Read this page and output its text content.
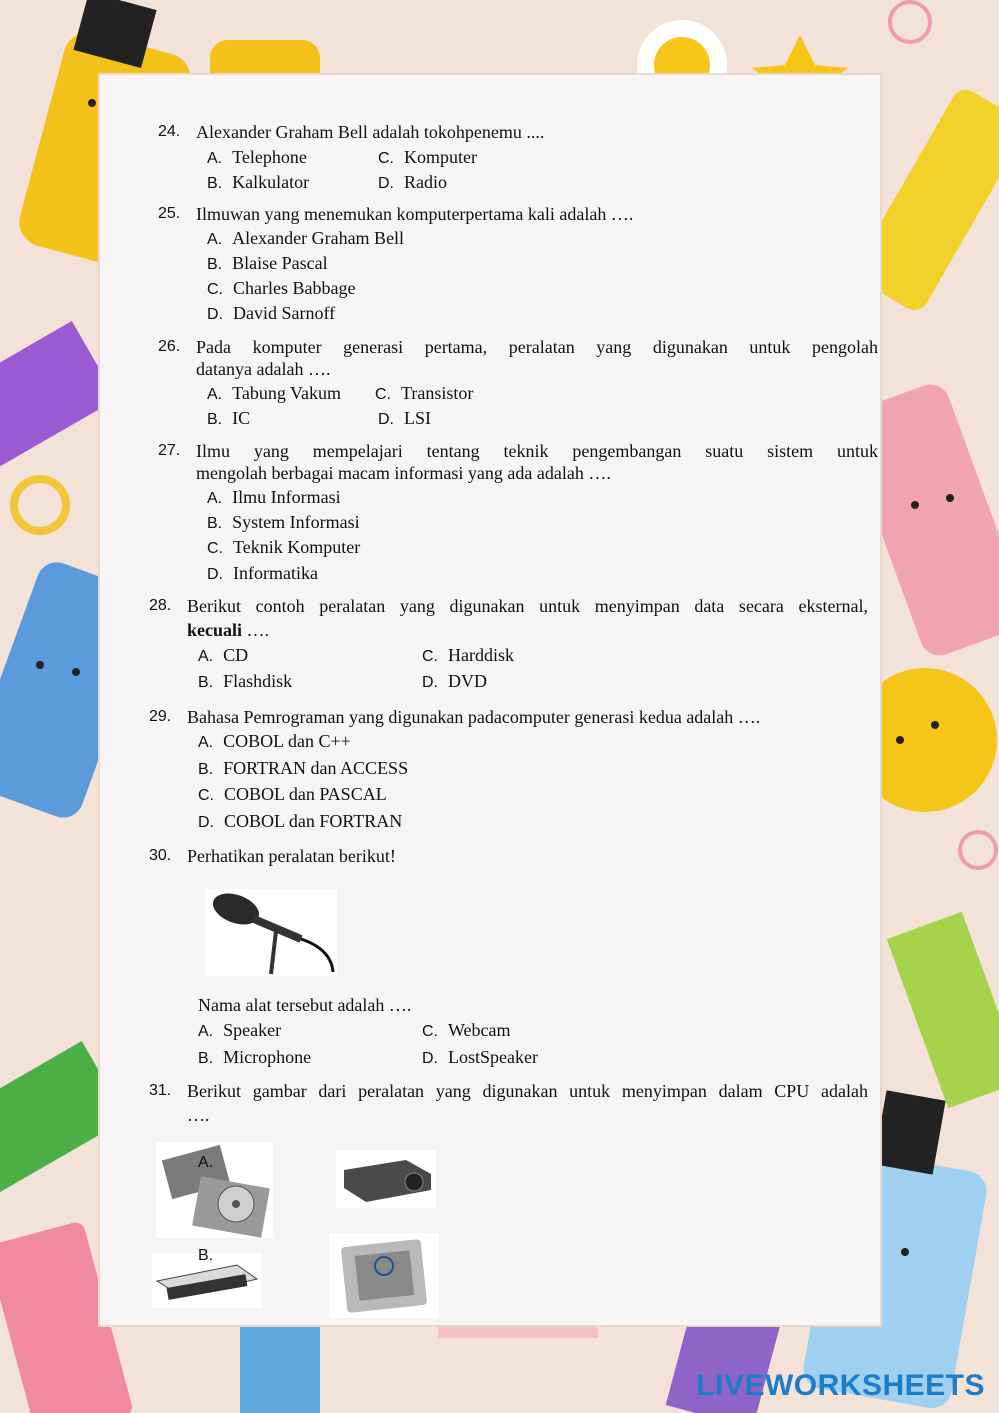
24. Alexander Graham Bell adalah tokohpenemu ....
A. Telephone	C. Komputer
B. Kalkulator	D. Radio
25. Ilmuwan yang menemukan komputerpertama kali adalah ….
A. Alexander Graham Bell
B. Blaise Pascal
C. Charles Babbage
D. David Sarnoff
26. Pada komputer generasi pertama, peralatan yang digunakan untuk pengolah
datanya adalah ….
A. Tabung Vakum C. Transistor
B. IC	D. LSI
27. Ilmu yang mempelajari tentang teknik pengembangan suatu sistem untuk
mengolah berbagai macam informasi yang ada adalah ….
A. Ilmu Informasi
B. System Informasi
C. Teknik Komputer
D. Informatika
28. Berikut contoh peralatan yang digunakan untuk menyimpan data secara eksternal,
kecuali ….
A. CD	C. Harddisk
B. Flashdisk	D. DVD
29. Bahasa Pemrograman yang digunakan padacomputer generasi kedua adalah ….
A. COBOL dan C++
B. FORTRAN dan ACCESS
C. COBOL dan PASCAL
D. COBOL dan FORTRAN
30. Perhatikan peralatan berikut!
Nama alat tersebut adalah ….
A. Speaker	C. Webcam
B. Microphone	D. LostSpeaker
31. Berikut gambar dari peralatan yang digunakan untuk menyimpan dalam CPU adalah
….
A.
B.
LIVEWORKSHEETS
